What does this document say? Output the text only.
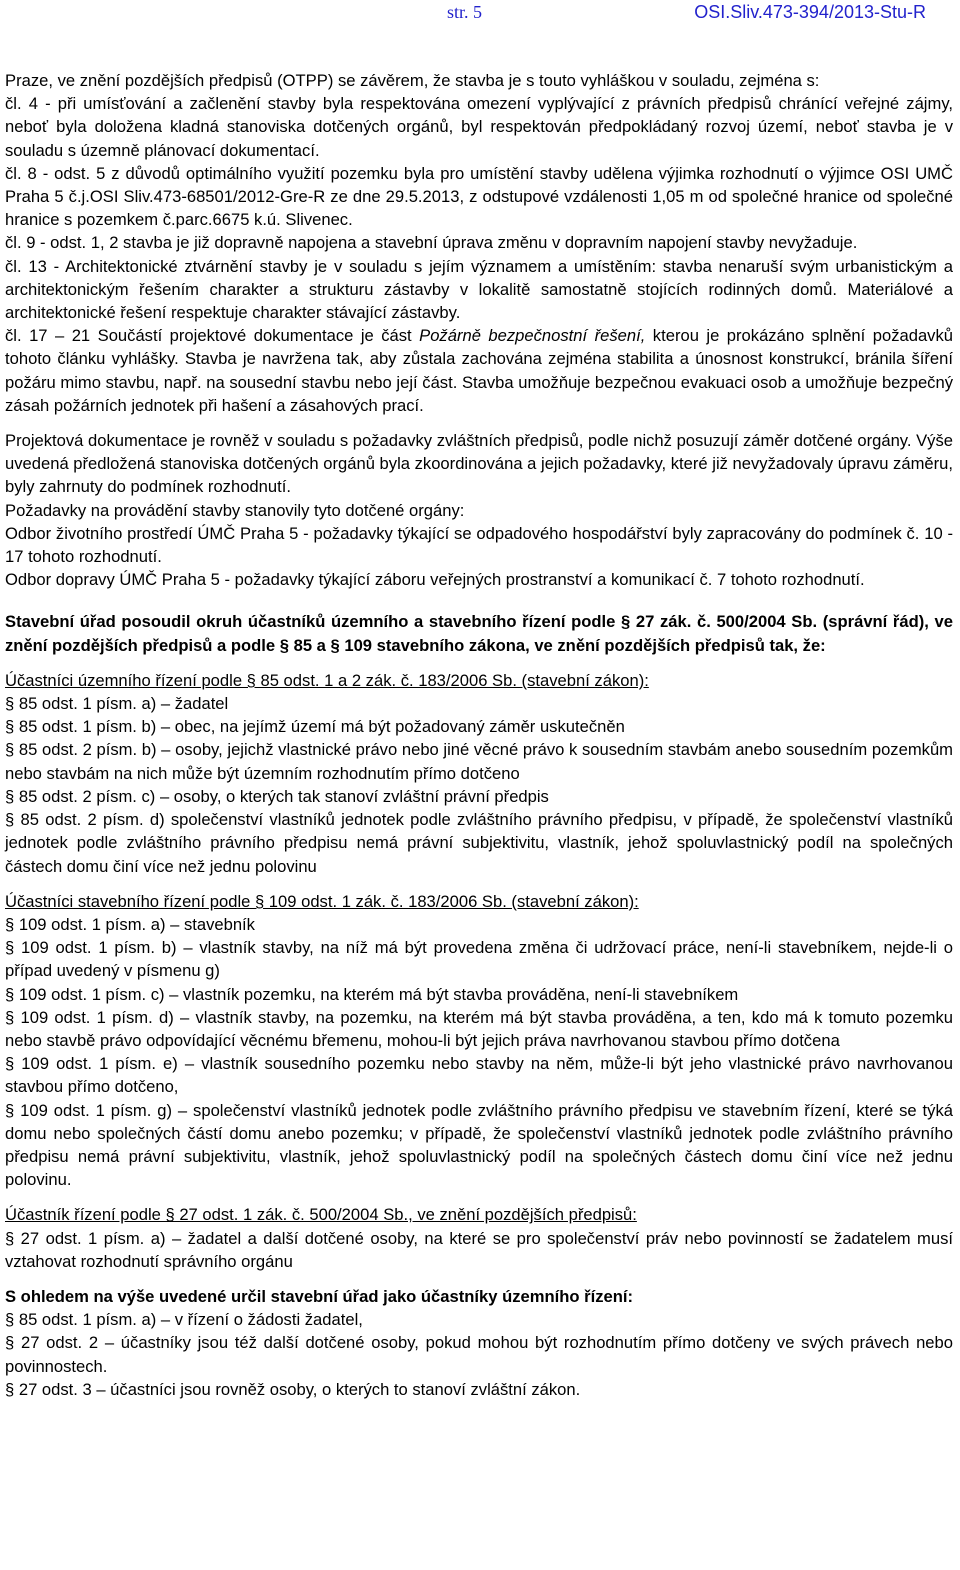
str. 5	OSI.Sliv.473-394/2013-Stu-R

Praze, ve znění pozdějších předpisů (OTPP) se závěrem, že stavba je s touto vyhláškou v souladu, zejména s:

čl. 4 - při umísťování a začlenění stavby byla respektována omezení vyplývající z právních předpisů chránící veřejné zájmy, neboť byla doložena kladná stanoviska dotčených orgánů, byl respektován předpokládaný rozvoj území, neboť stavba je v souladu s územně plánovací dokumentací.

čl. 8 - odst. 5 z důvodů optimálního využití pozemku byla pro umístění stavby udělena výjimka rozhodnutí o výjimce OSI UMČ Praha 5 č.j.OSI Sliv.473-68501/2012-Gre-R ze dne 29.5.2013, z odstupové vzdálenosti 1,05 m od společné hranice od společné hranice s pozemkem č.parc.6675 k.ú. Slivenec.

čl. 9 - odst. 1, 2 stavba je již dopravně napojena a stavební úprava změnu v dopravním napojení stavby nevyžaduje.

čl. 13 - Architektonické ztvárnění stavby je v souladu s jejím významem a umístěním: stavba nenaruší svým urbanistickým a architektonickým řešením charakter a strukturu zástavby v lokalitě samostatně stojících rodinných domů. Materiálové a architektonické řešení respektuje charakter stávající zástavby.

čl. 17 – 21 Součástí projektové dokumentace je část Požárně bezpečnostní řešení, kterou je prokázáno splnění požadavků tohoto článku vyhlášky. Stavba je navržena tak, aby zůstala zachována zejména stabilita a únosnost konstrukcí, bránila šíření požáru mimo stavbu, např. na sousední stavbu nebo její část. Stavba umožňuje bezpečnou evakuaci osob a umožňuje bezpečný zásah požárních jednotek při hašení a zásahových prací.

Projektová dokumentace je rovněž v souladu s požadavky zvláštních předpisů, podle nichž posuzují záměr dotčené orgány. Výše uvedená předložená stanoviska dotčených orgánů byla zkoordinována a jejich požadavky, které již nevyžadovaly úpravu záměru, byly zahrnuty do podmínek rozhodnutí.

Požadavky na provádění stavby stanovily tyto dotčené orgány:

Odbor životního prostředí ÚMČ Praha 5 - požadavky týkající se odpadového hospodářství byly zapracovány do podmínek č. 10 - 17 tohoto rozhodnutí.

Odbor dopravy ÚMČ Praha 5 - požadavky týkající záboru veřejných prostranství a komunikací č. 7 tohoto rozhodnutí.

Stavební úřad posoudil okruh účastníků územního a stavebního řízení podle § 27 zák. č. 500/2004 Sb. (správní řád), ve znění pozdějších předpisů a podle § 85 a § 109 stavebního zákona, ve znění pozdějších předpisů tak, že:

Účastníci územního řízení podle § 85 odst. 1 a 2 zák. č. 183/2006 Sb. (stavební zákon):

§ 85 odst. 1 písm. a) – žadatel

§ 85 odst. 1 písm. b) – obec, na jejímž území má být požadovaný záměr uskutečněn

§ 85 odst. 2 písm. b) – osoby, jejichž vlastnické právo nebo jiné věcné právo k sousedním stavbám anebo sousedním pozemkům nebo stavbám na nich může být územním rozhodnutím přímo dotčeno

§ 85 odst. 2 písm. c) – osoby, o kterých tak stanoví zvláštní právní předpis

§ 85 odst. 2 písm. d) společenství vlastníků jednotek podle zvláštního právního předpisu, v případě, že společenství vlastníků jednotek podle zvláštního právního předpisu nemá právní subjektivitu, vlastník, jehož spoluvlastnický podíl na společných částech domu činí více než jednu polovinu

Účastníci stavebního řízení podle § 109 odst. 1 zák. č. 183/2006 Sb. (stavební zákon):

§ 109 odst. 1 písm. a) – stavebník

§ 109 odst. 1 písm. b) – vlastník stavby, na níž má být provedena změna či udržovací práce, není-li stavebníkem, nejde-li o případ uvedený v písmenu g)

§ 109 odst. 1 písm. c) – vlastník pozemku, na kterém má být stavba prováděna, není-li stavebníkem

§ 109 odst. 1 písm. d) – vlastník stavby, na pozemku, na kterém má být stavba prováděna, a ten, kdo má k tomuto pozemku nebo stavbě právo odpovídající věcnému břemenu, mohou-li být jejich práva navrhovanou stavbou přímo dotčena

§ 109 odst. 1 písm. e) – vlastník sousedního pozemku nebo stavby na něm, může-li být jeho vlastnické právo navrhovanou stavbou přímo dotčeno,

§ 109 odst. 1 písm. g) – společenství vlastníků jednotek podle zvláštního právního předpisu ve stavebním řízení, které se týká domu nebo společných částí domu anebo pozemku; v případě, že společenství vlastníků jednotek podle zvláštního právního předpisu nemá právní subjektivitu, vlastník, jehož spoluvlastnický podíl na společných částech domu činí více než jednu polovinu.

Účastník řízení podle § 27 odst. 1 zák. č. 500/2004 Sb., ve znění pozdějších předpisů:

§ 27 odst. 1 písm. a) – žadatel a další dotčené osoby, na které se pro společenství práv nebo povinností se žadatelem musí vztahovat rozhodnutí správního orgánu

S ohledem na výše uvedené určil stavební úřad jako účastníky územního řízení:

§ 85 odst. 1 písm. a) – v řízení o žádosti žadatel,

§ 27 odst. 2 – účastníky jsou též další dotčené osoby, pokud mohou být rozhodnutím přímo dotčeny ve svých právech nebo povinnostech.

§ 27 odst. 3 – účastníci jsou rovněž osoby, o kterých to stanoví zvláštní zákon.
